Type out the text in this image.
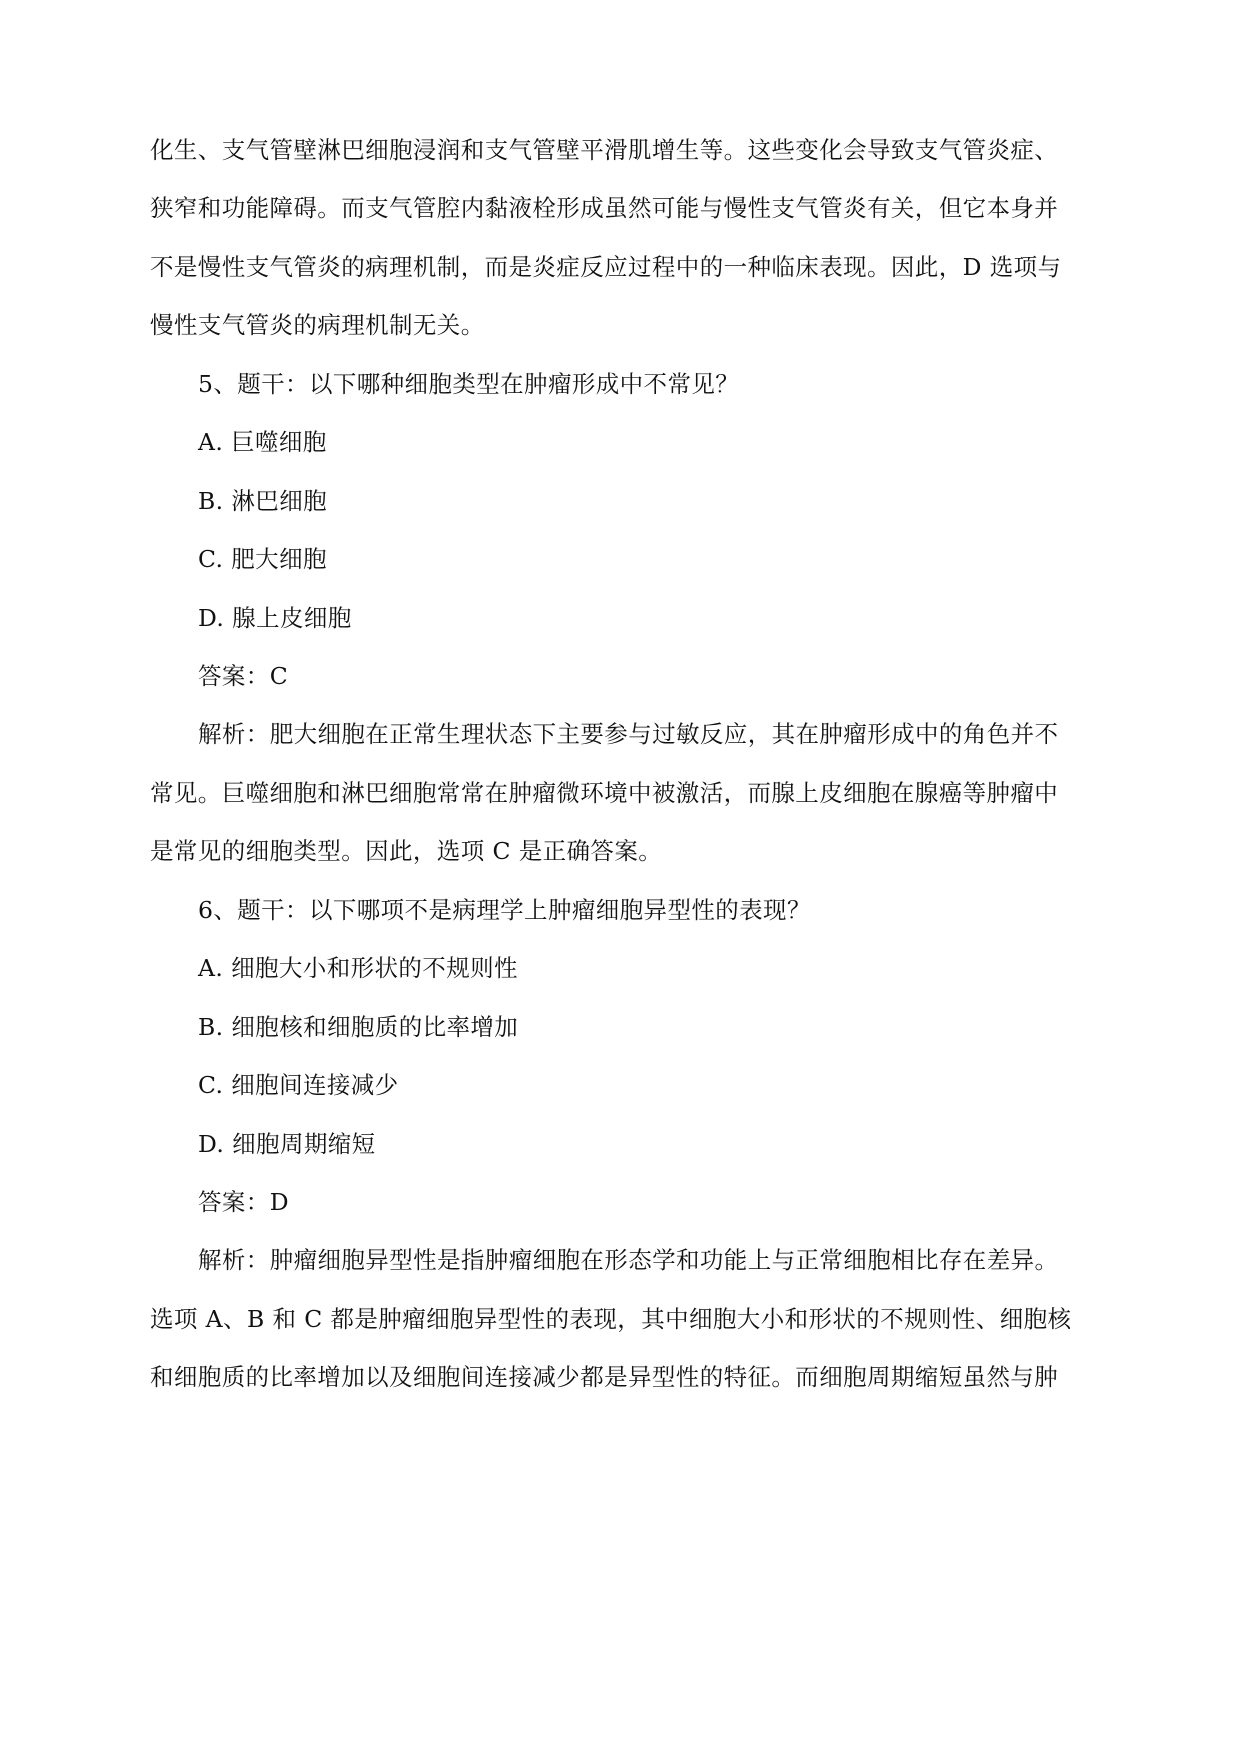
化生、支气管壁淋巴细胞浸润和支气管壁平滑肌增生等。这些变化会导致支气管炎症、
狭窄和功能障碍。而支气管腔内黏液栓形成虽然可能与慢性支气管炎有关，但它本身并
不是慢性支气管炎的病理机制，而是炎症反应过程中的一种临床表现。因此，D 选项与
慢性支气管炎的病理机制无关。
5、题干：以下哪种细胞类型在肿瘤形成中不常见？
A. 巨噬细胞
B. 淋巴细胞
C. 肥大细胞
D. 腺上皮细胞
答案：C
解析：肥大细胞在正常生理状态下主要参与过敏反应，其在肿瘤形成中的角色并不
常见。巨噬细胞和淋巴细胞常常在肿瘤微环境中被激活，而腺上皮细胞在腺癌等肿瘤中
是常见的细胞类型。因此，选项 C 是正确答案。
6、题干：以下哪项不是病理学上肿瘤细胞异型性的表现？
A. 细胞大小和形状的不规则性
B. 细胞核和细胞质的比率增加
C. 细胞间连接减少
D. 细胞周期缩短
答案：D
解析：肿瘤细胞异型性是指肿瘤细胞在形态学和功能上与正常细胞相比存在差异。
选项 A、B 和 C 都是肿瘤细胞异型性的表现，其中细胞大小和形状的不规则性、细胞核
和细胞质的比率增加以及细胞间连接减少都是异型性的特征。而细胞周期缩短虽然与肿
